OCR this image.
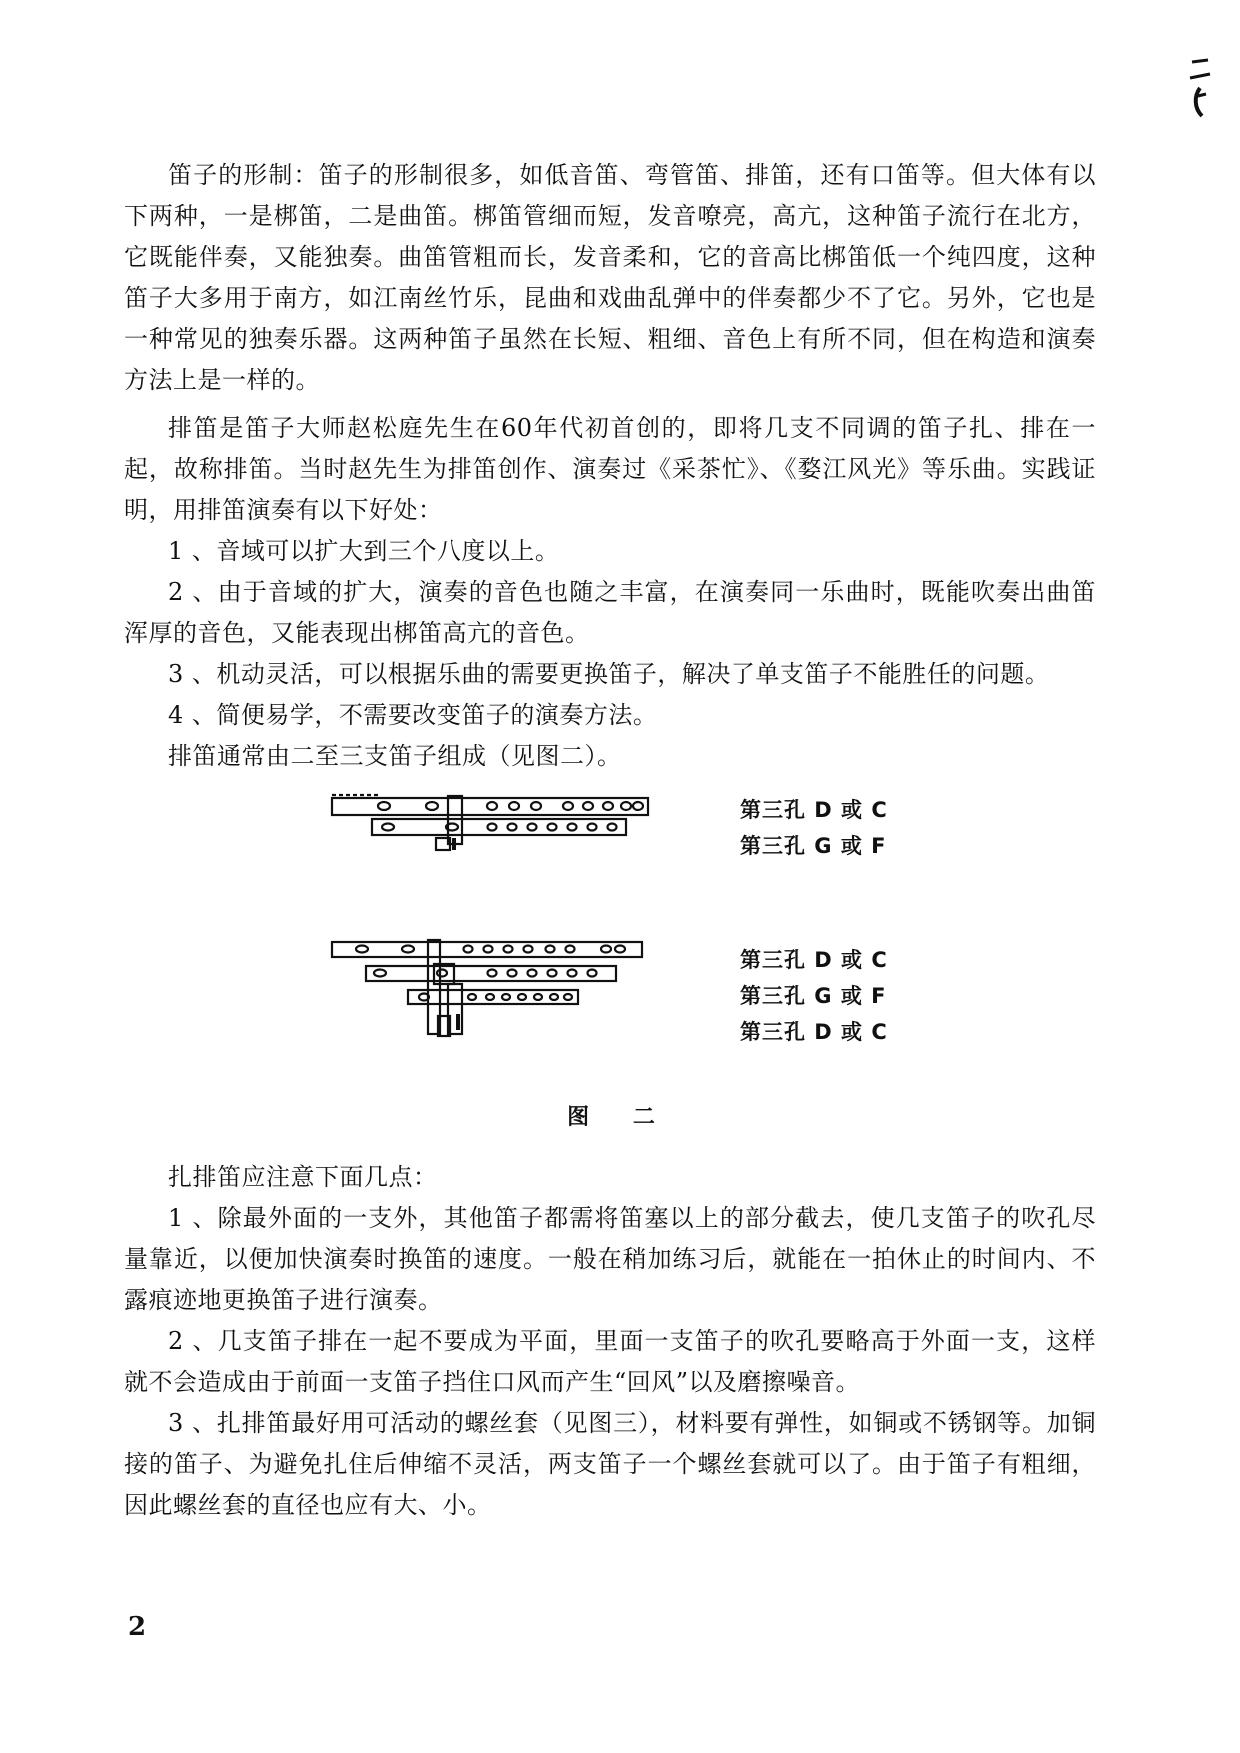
笛子的形制：笛子的形制很多，如低音笛、弯管笛、排笛，还有口笛等。但大体有以下两种，一是梆笛，二是曲笛。梆笛管细而短，发音嘹亮，高亢，这种笛子流行在北方，它既能伴奏，又能独奏。曲笛管粗而长，发音柔和，它的音高比梆笛低一个纯四度，这种笛子大多用于南方，如江南丝竹乐，昆曲和戏曲乱弹中的伴奏都少不了它。另外，它也是一种常见的独奏乐器。这两种笛子虽然在长短、粗细、音色上有所不同，但在构造和演奏方法上是一样的。

排笛是笛子大师赵松庭先生在60年代初首创的，即将几支不同调的笛子扎、排在一起，故称排笛。当时赵先生为排笛创作、演奏过《采茶忙》、《婺江风光》等乐曲。实践证明，用排笛演奏有以下好处：

1 、音域可以扩大到三个八度以上。

2 、由于音域的扩大，演奏的音色也随之丰富，在演奏同一乐曲时，既能吹奏出曲笛浑厚的音色，又能表现出梆笛高亢的音色。

3 、机动灵活，可以根据乐曲的需要更换笛子，解决了单支笛子不能胜任的问题。

4 、简便易学，不需要改变笛子的演奏方法。

排笛通常由二至三支笛子组成（见图二）。

第三孔 D 或 C
第三孔 G 或 F
第三孔 D 或 C
第三孔 G 或 F
第三孔 D 或 C
图 二

扎排笛应注意下面几点：

1 、除最外面的一支外，其他笛子都需将笛塞以上的部分截去，使几支笛子的吹孔尽量靠近，以便加快演奏时换笛的速度。一般在稍加练习后，就能在一拍休止的时间内、不露痕迹地更换笛子进行演奏。

2 、几支笛子排在一起不要成为平面，里面一支笛子的吹孔要略高于外面一支，这样就不会造成由于前面一支笛子挡住口风而产生“回风”以及磨擦噪音。

3 、扎排笛最好用可活动的螺丝套（见图三），材料要有弹性，如铜或不锈钢等。加铜接的笛子、为避免扎住后伸缩不灵活，两支笛子一个螺丝套就可以了。由于笛子有粗细，因此螺丝套的直径也应有大、小。

2
